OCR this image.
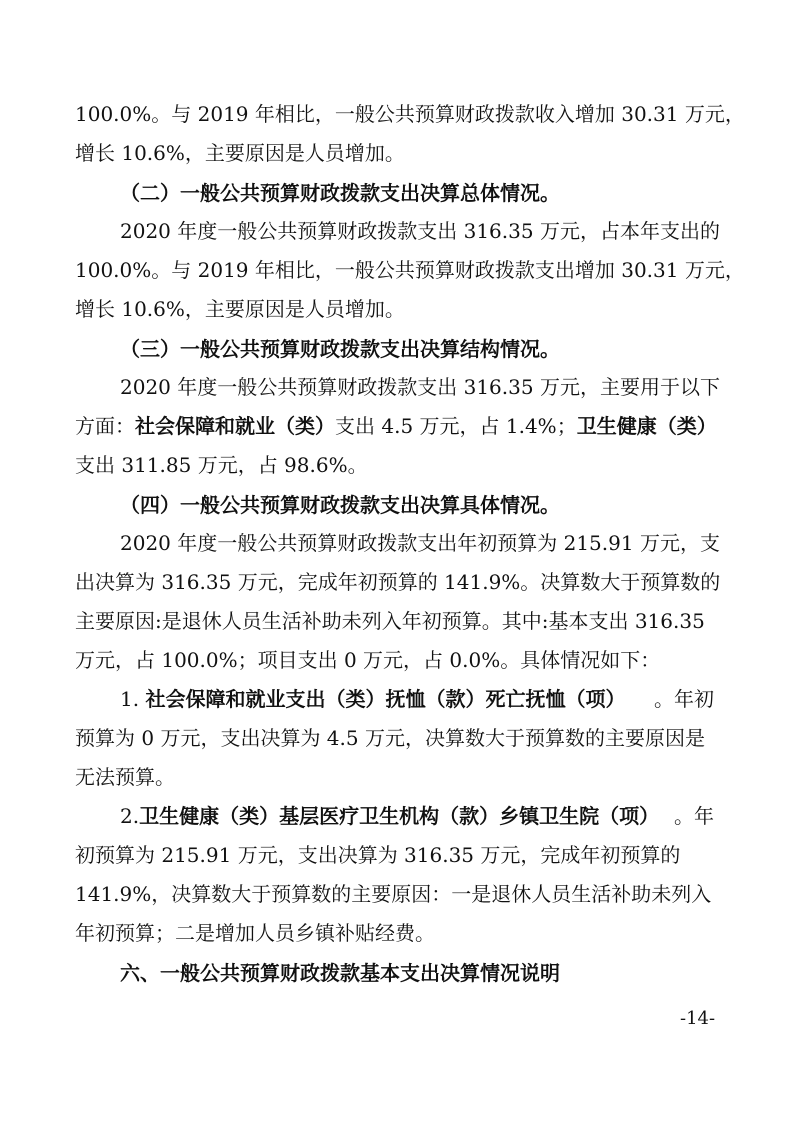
100.0%。与 2019 年相比，一般公共预算财政拨款收入增加 30.31 万元，
增长 10.6%，主要原因是人员增加。
（二）一般公共预算财政拨款支出决算总体情况。
2020 年度一般公共预算财政拨款支出 316.35 万元，占本年支出的
100.0%。与 2019 年相比，一般公共预算财政拨款支出增加 30.31 万元，
增长 10.6%，主要原因是人员增加。
（三）一般公共预算财政拨款支出决算结构情况。
2020 年度一般公共预算财政拨款支出 316.35 万元，主要用于以下
方面： 社会保障和就业（类） 支出 4.5 万元，占 1.4%； 卫生健康（类）
支出 311.85 万元，占 98.6%。
（四）一般公共预算财政拨款支出决算具体情况。
2020 年度一般公共预算财政拨款支出年初预算为 215.91 万元，支
出决算为 316.35 万元，完成年初预算的 141.9%。决算数大于预算数的
主要原因:是退休人员生活补助未列入年初预算。其中:基本支出 316.35
万元，占 100.0%；项目支出 0 万元，占 0.0%。具体情况如下：
1. 社会保障和就业支出（类）抚恤（款）死亡抚恤（项） 。年初
预算为 0 万元，支出决算为 4.5 万元，决算数大于预算数的主要原因是
无法预算。
2.卫生健康（类）基层医疗卫生机构（款）乡镇卫生院（项） 。年
初预算为 215.91 万元，支出决算为 316.35 万元，完成年初预算的
141.9%，决算数大于预算数的主要原因：一是退休人员生活补助未列入
年初预算；二是增加人员乡镇补贴经费。
六、一般公共预算财政拨款基本支出决算情况说明
-14-
